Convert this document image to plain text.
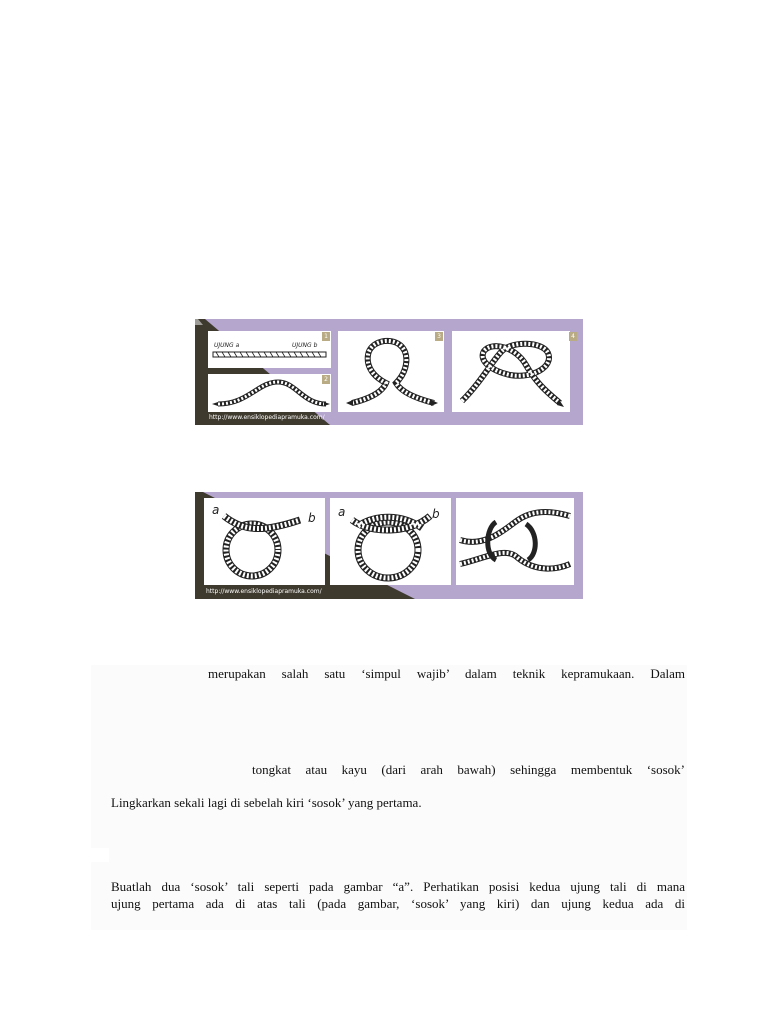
UJUNG a	UJUNG b
1
2
3	4
http://www.ensiklopediapramuka.com/
a
b a	b
http://www.ensiklopediapramuka.com/
merupakan salah satu ‘simpul wajib’ dalam teknik kepramukaan. Dalam
tongkat atau kayu (dari arah bawah) sehingga membentuk ‘sosok’
Lingkarkan sekali lagi di sebelah kiri ‘sosok’ yang pertama.
Buatlah dua ‘sosok’ tali seperti pada gambar “a”. Perhatikan posisi kedua ujung tali di mana
ujung pertama ada di atas tali (pada gambar, ‘sosok’ yang kiri) dan ujung kedua ada di
